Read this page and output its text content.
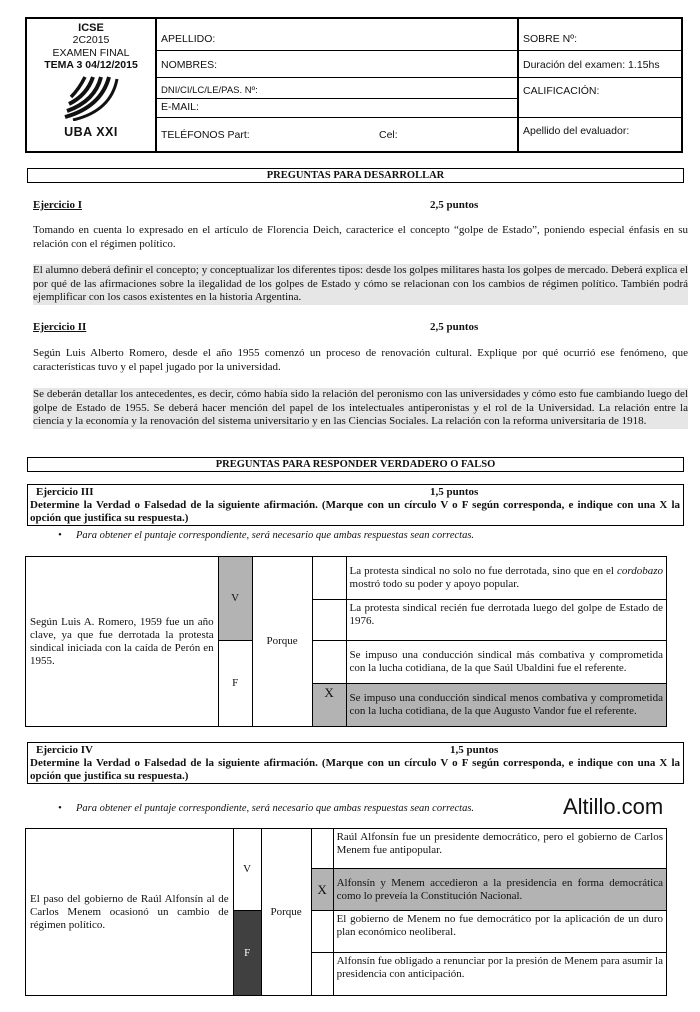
ICSE
2C2015
EXAMEN FINAL
TEMA 3 04/12/2015
UBA XXI
APELLIDO:
NOMBRES:
DNI/CI/LC/LE/PAS. Nº:
E-MAIL:
TELÉFONOS Part:	Cel:
SOBRE Nº:
Duración del examen: 1.15hs
CALIFICACIÓN:
Apellido del evaluador:
PREGUNTAS PARA DESARROLLAR
Ejercicio I	2,5 puntos
Tomando en cuenta lo expresado en el artículo de Florencia Deich, caracterice el concepto “golpe de Estado”, poniendo especial énfasis en su relación con el régimen político.
El alumno deberá definir el concepto; y conceptualizar los diferentes tipos: desde los golpes militares hasta los golpes de mercado. Deberá explica el por qué de las afirmaciones sobre la ilegalidad de los golpes de Estado y cómo se relacionan con los cambios de régimen político. También podrá ejemplificar con los casos existentes en la historia Argentina.
Ejercicio II	2,5 puntos
Según Luis Alberto Romero, desde el año 1955 comenzó un proceso de renovación cultural. Explique por qué ocurrió ese fenómeno, que características tuvo y el papel jugado por la universidad.
Se deberán detallar los antecedentes, es decir, cómo había sido la relación del peronismo con las universidades y cómo esto fue cambiando luego del golpe de Estado de 1955. Se deberá hacer mención del papel de los intelectuales antiperonistas y el rol de la Universidad. La relación entre la ciencia y la economía y la renovación del sistema universitario y en las Ciencias Sociales. La relación con la reforma universitaria de 1918.
PREGUNTAS PARA RESPONDER VERDADERO O FALSO
Ejercicio III	1,5 puntos
Determine la Verdad o Falsedad de la siguiente afirmación. (Marque con un círculo V o F según corresponda, e indique con una X la opción que justifica su respuesta.)
• Para obtener el puntaje correspondiente, será necesario que ambas respuestas sean correctas.
Según Luis A. Romero, 1959 fue un año clave, ya que fue derrotada la protesta sindical iniciada con la caída de Perón en 1955.	V	Porque		La protesta sindical no solo no fue derrotada, sino que en el cordobazo mostró todo su poder y apoyo popular.
				La protesta sindical recién fue derrotada luego del golpe de Estado de 1976.
	F			Se impuso una conducción sindical más combativa y comprometida con la lucha cotidiana, de la que Saúl Ubaldini fue el referente.
			X	Se impuso una conducción sindical menos combativa y comprometida con la lucha cotidiana, de la que Augusto Vandor fue el referente.
Ejercicio IV	1,5 puntos
Determine la Verdad o Falsedad de la siguiente afirmación. (Marque con un círculo V o F según corresponda, e indique con una X la opción que justifica su respuesta.)
• Para obtener el puntaje correspondiente, será necesario que ambas respuestas sean correctas.	Altillo.com
El paso del gobierno de Raúl Alfonsín al de Carlos Menem ocasionó un cambio de régimen político.	V	Porque		Raúl Alfonsín fue un presidente democrático, pero el gobierno de Carlos Menem fue antipopular.
			X	Alfonsín y Menem accedieron a la presidencia en forma democrática como lo preveía la Constitución Nacional.
	F			El gobierno de Menem no fue democrático por la aplicación de un duro plan económico neoliberal.
				Alfonsín fue obligado a renunciar por la presión de Menem para asumir la presidencia con anticipación.
